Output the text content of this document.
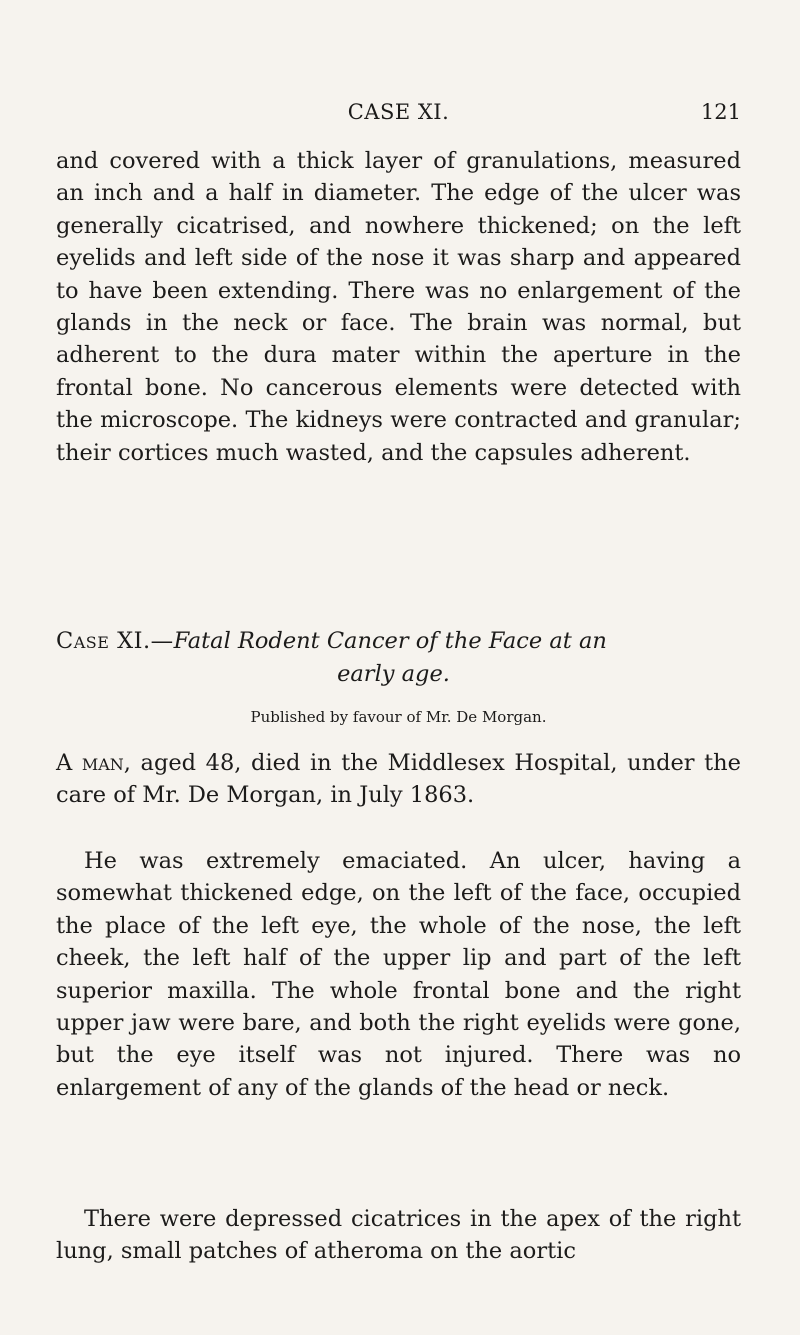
CASE XI.	121

and covered with a thick layer of granulations, measured an inch and a half in diameter. The edge of the ulcer was generally cicatrised, and nowhere thickened; on the left eyelids and left side of the nose it was sharp and appeared to have been extending. There was no enlargement of the glands in the neck or face. The brain was normal, but adherent to the dura mater within the aperture in the frontal bone. No cancerous elements were detected with the microscope. The kidneys were contracted and granular; their cortices much wasted, and the capsules adherent.

Case XI.—Fatal Rodent Cancer of the Face at an
early age.
Published by favour of Mr. De Morgan.

A man, aged 48, died in the Middlesex Hospital, under the care of Mr. De Morgan, in July 1863.

He was extremely emaciated. An ulcer, having a somewhat thickened edge, on the left of the face, occupied the place of the left eye, the whole of the nose, the left cheek, the left half of the upper lip and part of the left superior maxilla. The whole frontal bone and the right upper jaw were bare, and both the right eyelids were gone, but the eye itself was not injured. There was no enlargement of any of the glands of the head or neck.

There were depressed cicatrices in the apex of the right lung, small patches of atheroma on the aortic
